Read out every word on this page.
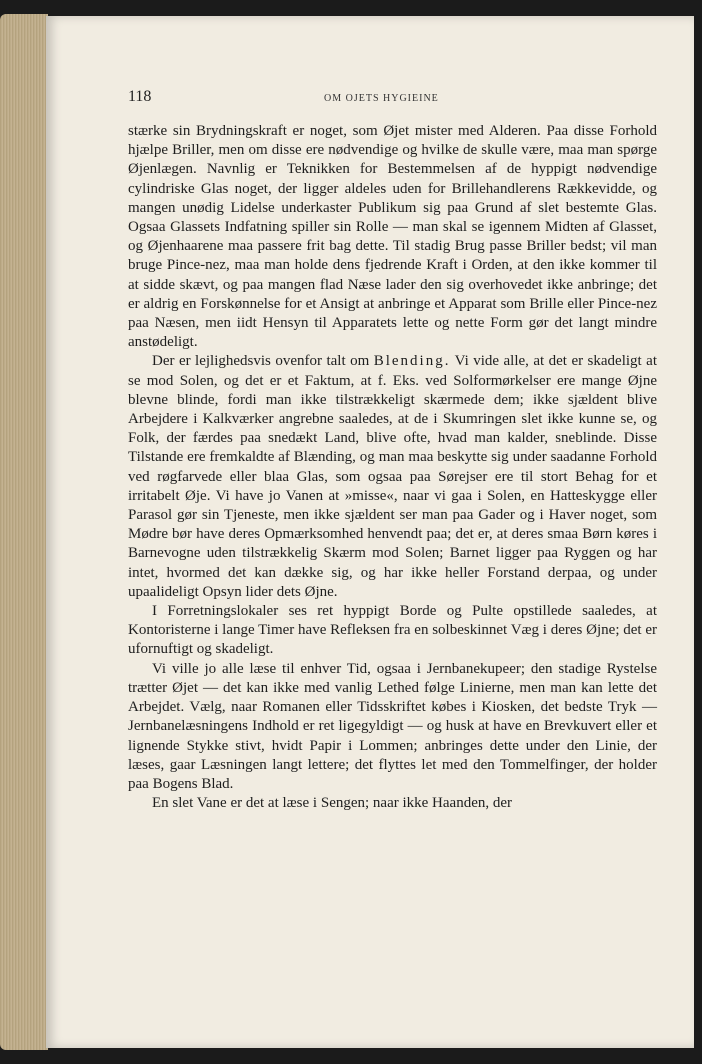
118	OM OJETS HYGIEINE

stærke sin Brydningskraft er noget, som Øjet mister med Alderen. Paa disse Forhold hjælpe Briller, men om disse ere nødvendige og hvilke de skulle være, maa man spørge Øjenlægen. Navnlig er Teknikken for Bestemmelsen af de hyppigt nødvendige cylindriske Glas noget, der ligger aldeles uden for Brillehandlerens Rækkevidde, og mangen unødig Lidelse underkaster Publikum sig paa Grund af slet bestemte Glas. Ogsaa Glassets Indfatning spiller sin Rolle — man skal se igennem Midten af Glasset, og Øjenhaarene maa passere frit bag dette. Til stadig Brug passe Briller bedst; vil man bruge Pince-nez, maa man holde dens fjedrende Kraft i Orden, at den ikke kommer til at sidde skævt, og paa mangen flad Næse lader den sig overhovedet ikke anbringe; det er aldrig en Forskønnelse for et Ansigt at anbringe et Apparat som Brille eller Pince-nez paa Næsen, men iidt Hensyn til Apparatets lette og nette Form gør det langt mindre anstødeligt.

Der er lejlighedsvis ovenfor talt om Blending. Vi vide alle, at det er skadeligt at se mod Solen, og det er et Faktum, at f. Eks. ved Solformørkelser ere mange Øjne blevne blinde, fordi man ikke tilstrækkeligt skærmede dem; ikke sjældent blive Arbejdere i Kalkværker angrebne saaledes, at de i Skumringen slet ikke kunne se, og Folk, der færdes paa snedækt Land, blive ofte, hvad man kalder, sneblinde. Disse Tilstande ere fremkaldte af Blænding, og man maa beskytte sig under saadanne Forhold ved røgfarvede eller blaa Glas, som ogsaa paa Sørejser ere til stort Behag for et irritabelt Øje. Vi have jo Vanen at »misse«, naar vi gaa i Solen, en Hatteskygge eller Parasol gør sin Tjeneste, men ikke sjældent ser man paa Gader og i Haver noget, som Mødre bør have deres Opmærksomhed henvendt paa; det er, at deres smaa Børn køres i Barnevogne uden tilstrækkelig Skærm mod Solen; Barnet ligger paa Ryggen og har intet, hvormed det kan dække sig, og har ikke heller Forstand derpaa, og under upaalideligt Opsyn lider dets Øjne.

I Forretningslokaler ses ret hyppigt Borde og Pulte opstillede saaledes, at Kontoristerne i lange Timer have Refleksen fra en solbeskinnet Væg i deres Øjne; det er ufornuftigt og skadeligt.

Vi ville jo alle læse til enhver Tid, ogsaa i Jernbanekupeer; den stadige Rystelse trætter Øjet — det kan ikke med vanlig Lethed følge Linierne, men man kan lette det Arbejdet. Vælg, naar Romanen eller Tidsskriftet købes i Kiosken, det bedste Tryk — Jernbanelæsningens Indhold er ret ligegyldigt — og husk at have en Brevkuvert eller et lignende Stykke stivt, hvidt Papir i Lommen; anbringes dette under den Linie, der læses, gaar Læsningen langt lettere; det flyttes let med den Tommelfinger, der holder paa Bogens Blad.

En slet Vane er det at læse i Sengen; naar ikke Haanden, der
